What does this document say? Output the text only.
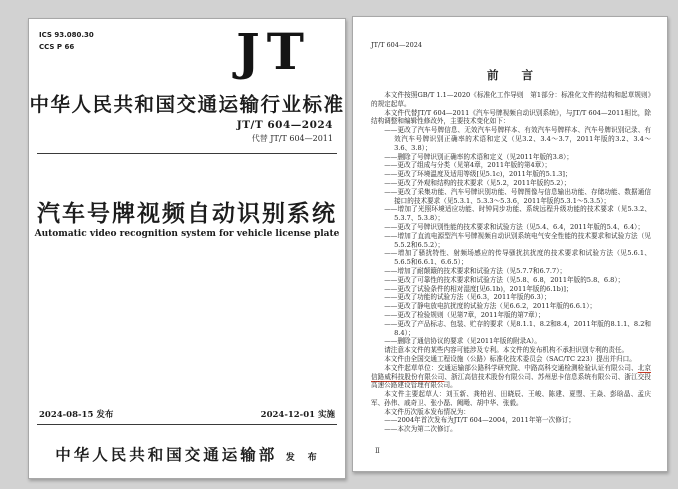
ICS 93.080.30
CCS P 66	JT
中华人民共和国交通运输行业标准
JT/T 604—2024
代替 JT/T 604—2011
汽车号牌视频自动识别系统
Automatic video recognition system for vehicle license plate
2024-08-15 发布	2024-12-01 实施
中华人民共和国交通运输部 发　布
JT/T 604—2024
前　　言

本文件按照GB/T 1.1—2020《标准化工作导则　第1部分：标准化文件的结构和起草规则》的规定起草。

本文件代替JT/T 604—2011《汽车号牌视频自动识别系统》，与JT/T 604—2011相比，除结构调整和编辑性修改外，主要技术变化如下：

——更改了汽车号牌信息、无效汽车号牌样本、有效汽车号牌样本、汽车号牌识别记录、有效汽车号牌识别正确率的术语和定义（见3.2、3.4～3.7，2011年版的3.2、3.4～3.6、3.8）；

——删除了号牌识别正确率的术语和定义（见2011年版的3.8）；

——更改了组成与分类（见第4章，2011年版的第4章）；

——更改了环境温度及适用等级[见5.1c)，2011年版的5.1.3]；

——更改了外观和结构的技术要求（见5.2，2011年版的5.2）；

——更改了采集功能、汽车号牌识别功能、号牌图像与信息输出功能、存储功能、数据通信接口的技术要求（见5.3.1、5.3.3～5.3.6，2011年版的5.3.1～5.3.5）；

——增加了光照环境适应功能、时钟同步功能、系统远程升级功能的技术要求（见5.3.2、5.3.7、5.3.8）；

——更改了号牌识别性能的技术要求和试验方法（见5.4、6.4，2011年版的5.4、6.4）；

——增加了直流电源型汽车号牌视频自动识别系统电气安全性能的技术要求和试验方法（见5.5.2和6.5.2）；

——增加了骚扰特性、射频场感应的传导骚扰抗扰度的技术要求和试验方法（见5.6.1、5.6.5和6.6.1、6.6.5）；

——增加了耐颠簸的技术要求和试验方法（见5.7.7和6.7.7）；

——更改了可靠性的技术要求和试验方法（见5.8、6.8，2011年版的5.8、6.8）；

——更改了试验条件的相对湿度[见6.1b)，2011年版的6.1b)]；

——更改了功能的试验方法（见6.3，2011年版的6.3）；

——更改了静电放电抗扰度的试验方法（见6.6.2，2011年版的6.6.1）；

——更改了检验规则（见第7章，2011年版的第7章）；

——更改了产品标志、包装、贮存的要求（见8.1.1、8.2和8.4，2011年版的8.1.1、8.2和8.4）；

——删除了通信协议的要求（见2011年版的附录A）。

请注意本文件的某些内容可能涉及专利。本文件的发布机构不承担识别专利的责任。

本文件由全国交通工程设施（公路）标准化技术委员会（SAC/TC 223）提出并归口。

本文件起草单位：交通运输部公路科学研究院、中路高科交通检测检验认证有限公司、北京信路威科技股份有限公司、浙江高信技术股份有限公司、苏州思卡信息系统有限公司、浙江交投高速公路建设管理有限公司。

本文件主要起草人：刘玉新、龚柏岩、田晓辰、王峻、陈建、夏曌、王焱、彭晗晶、孟庆军、孙伟、戚奇卫、张小磊、阙飏、胡中华、张毅。

本文件历次版本发布情况为：

——2004年首次发布为JT/T 604—2004，2011年第一次修订；

——本次为第二次修订。

Ⅱ
